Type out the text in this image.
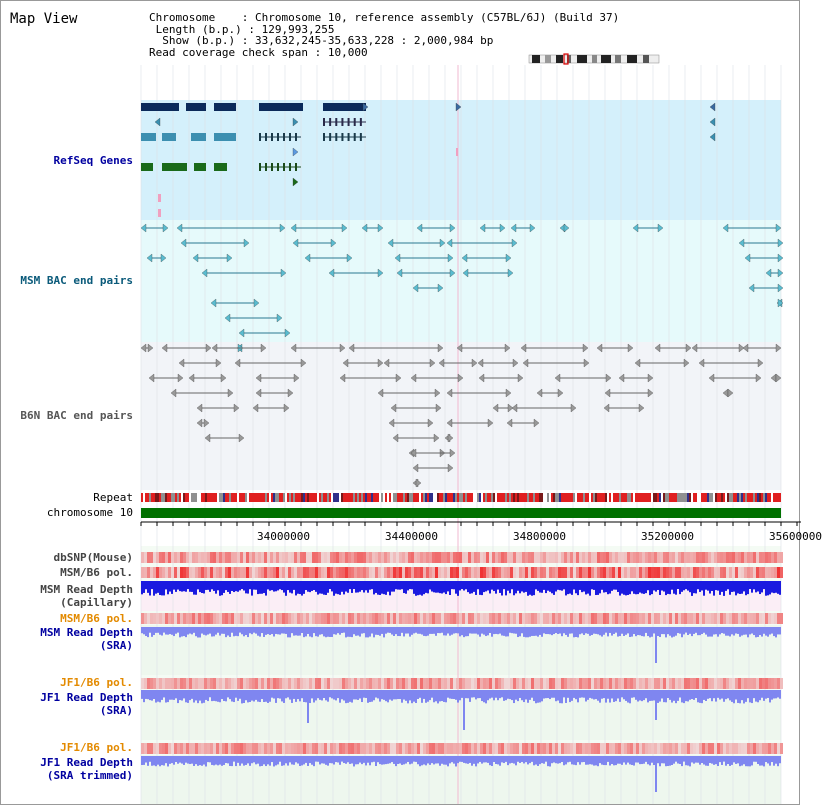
Map View	Chromosome    : Chromosome 10, reference assembly (C57BL/6J) (Build 37)
Length (b.p.) : 129,993,255
Show (b.p.) : 33,632,245-35,633,228 : 2,000,984 bp
Read coverage check span : 10,000
RefSeq Genes
MSM BAC end pairs
B6N BAC end pairs
Repeat
chromosome 10
dbSNP(Mouse)
MSM/B6 pol.
MSM Read Depth
(Capillary)
MSM/B6 pol.
MSM Read Depth
(SRA)
JF1/B6 pol.
JF1 Read Depth
(SRA)
JF1/B6 pol.
JF1 Read Depth
(SRA trimmed)
34000000	34400000	34800000	35200000	35600000
